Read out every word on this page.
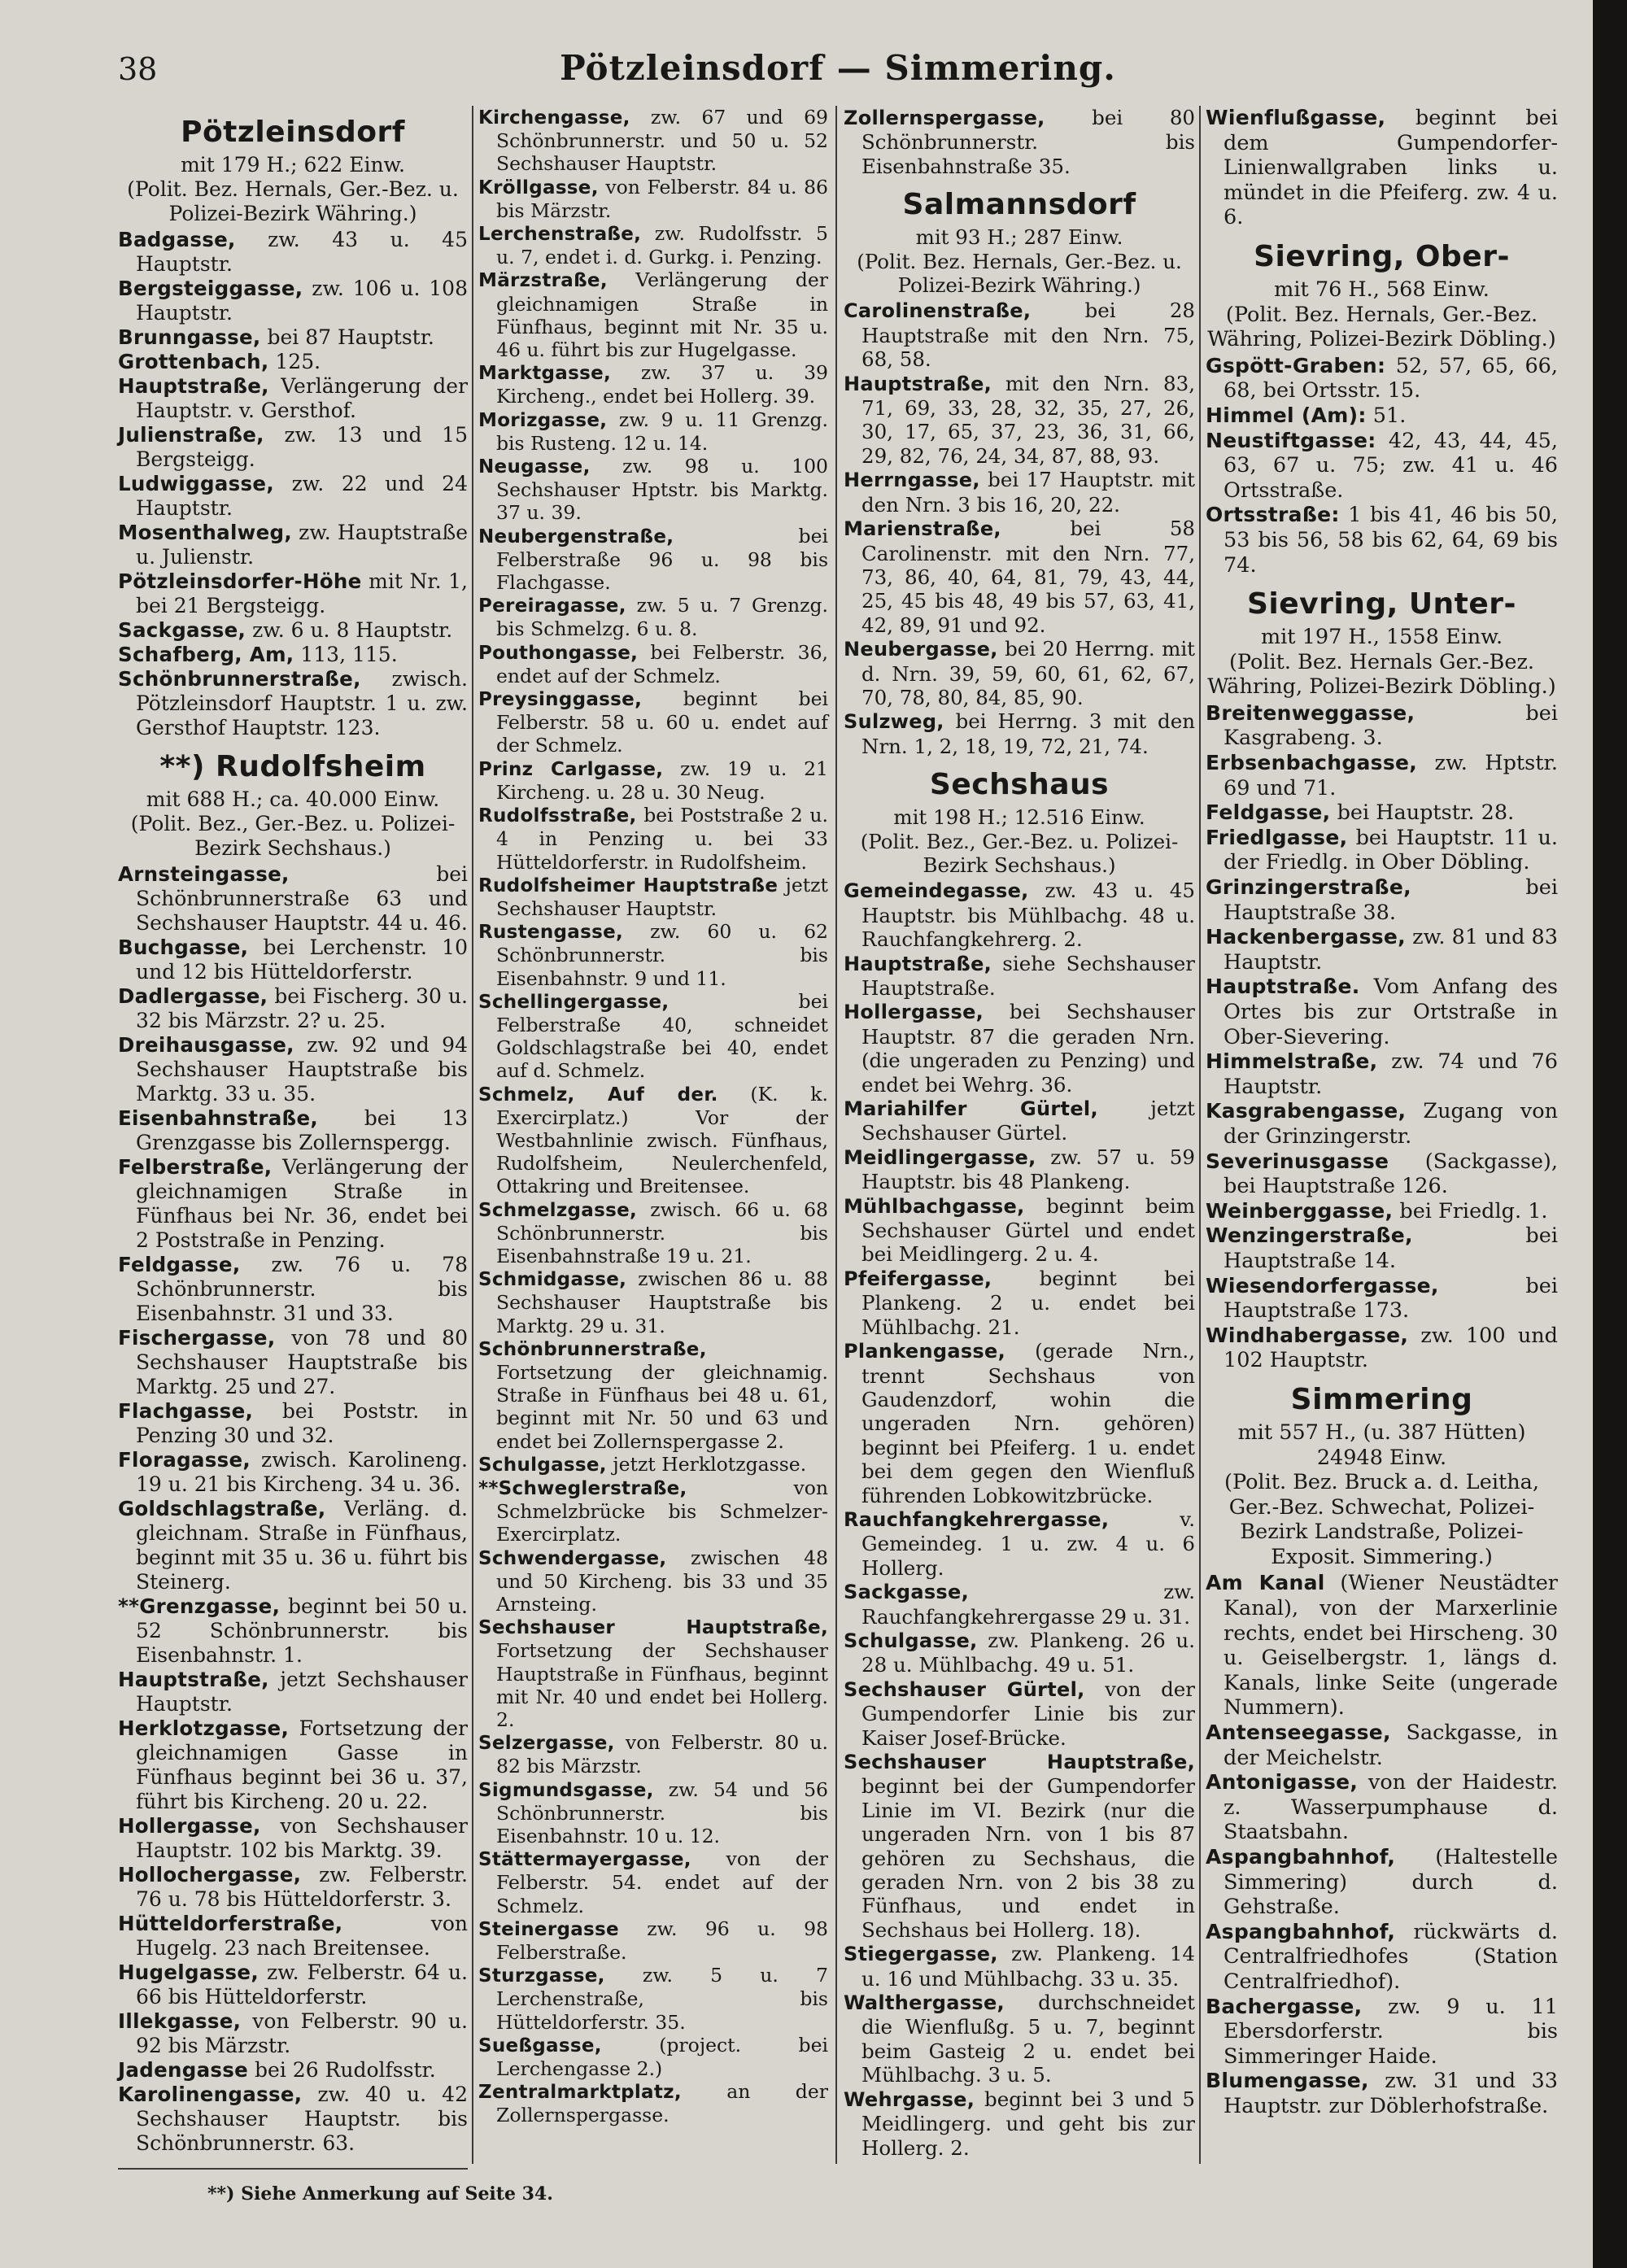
38	Pötzleinsdorf — Simmering.
Pötzleinsdorf
mit 179 H.; 622 Einw.
(Polit. Bez. Hernals, Ger.-Bez. u. Polizei-Bezirk Währing.)

Badgasse, zw. 43 u. 45 Hauptstr.

Bergsteiggasse, zw. 106 u. 108 Hauptstr.

Brunngasse, bei 87 Hauptstr.

Grottenbach, 125.

Hauptstraße, Verlängerung der Hauptstr. v. Gersthof.

Julienstraße, zw. 13 und 15 Bergsteigg.

Ludwiggasse, zw. 22 und 24 Hauptstr.

Mosenthalweg, zw. Hauptstraße u. Julienstr.

Pötzleinsdorfer-Höhe mit Nr. 1, bei 21 Bergsteigg.

Sackgasse, zw. 6 u. 8 Hauptstr.

Schafberg, Am, 113, 115.

Schönbrunnerstraße, zwisch. Pötzleinsdorf Hauptstr. 1 u. zw. Gersthof Hauptstr. 123.

**) Rudolfsheim
mit 688 H.; ca. 40.000 Einw.
(Polit. Bez., Ger.-Bez. u. Polizei-Bezirk Sechshaus.)

Arnsteingasse, bei Schönbrunnerstraße 63 und Sechshauser Hauptstr. 44 u. 46.

Buchgasse, bei Lerchenstr. 10 und 12 bis Hütteldorferstr.

Dadlergasse, bei Fischerg. 30 u. 32 bis Märzstr. 2? u. 25.

Dreihausgasse, zw. 92 und 94 Sechshauser Hauptstraße bis Marktg. 33 u. 35.

Eisenbahnstraße, bei 13 Grenzgasse bis Zollernspergg.

Felberstraße, Verlängerung der gleichnamigen Straße in Fünfhaus bei Nr. 36, endet bei 2 Poststraße in Penzing.

Feldgasse, zw. 76 u. 78 Schönbrunnerstr. bis Eisenbahnstr. 31 und 33.

Fischergasse, von 78 und 80 Sechshauser Hauptstraße bis Marktg. 25 und 27.

Flachgasse, bei Poststr. in Penzing 30 und 32.

Floragasse, zwisch. Karolineng. 19 u. 21 bis Kircheng. 34 u. 36.

Goldschlagstraße, Verläng. d. gleichnam. Straße in Fünfhaus, beginnt mit 35 u. 36 u. führt bis Steinerg.

**Grenzgasse, beginnt bei 50 u. 52 Schönbrunnerstr. bis Eisenbahnstr. 1.

Hauptstraße, jetzt Sechshauser Hauptstr.

Herklotzgasse, Fortsetzung der gleichnamigen Gasse in Fünfhaus beginnt bei 36 u. 37, führt bis Kircheng. 20 u. 22.

Hollergasse, von Sechshauser Hauptstr. 102 bis Marktg. 39.

Hollochergasse, zw. Felberstr. 76 u. 78 bis Hütteldorferstr. 3.

Hütteldorferstraße, von Hugelg. 23 nach Breitensee.

Hugelgasse, zw. Felberstr. 64 u. 66 bis Hütteldorferstr.

Illekgasse, von Felberstr. 90 u. 92 bis Märzstr.

Jadengasse bei 26 Rudolfsstr.

Karolinengasse, zw. 40 u. 42 Sechshauser Hauptstr. bis Schönbrunnerstr. 63.

Kirchengasse, zw. 67 und 69 Schönbrunnerstr. und 50 u. 52 Sechshauser Hauptstr.

Kröllgasse, von Felberstr. 84 u. 86 bis Märzstr.

Lerchenstraße, zw. Rudolfsstr. 5 u. 7, endet i. d. Gurkg. i. Penzing.

Märzstraße, Verlängerung der gleichnamigen Straße in Fünfhaus, beginnt mit Nr. 35 u. 46 u. führt bis zur Hugelgasse.

Marktgasse, zw. 37 u. 39 Kircheng., endet bei Hollerg. 39.

Morizgasse, zw. 9 u. 11 Grenzg. bis Rusteng. 12 u. 14.

Neugasse, zw. 98 u. 100 Sechshauser Hptstr. bis Marktg. 37 u. 39.

Neubergenstraße, bei Felberstraße 96 u. 98 bis Flachgasse.

Pereiragasse, zw. 5 u. 7 Grenzg. bis Schmelzg. 6 u. 8.

Pouthongasse, bei Felberstr. 36, endet auf der Schmelz.

Preysinggasse, beginnt bei Felberstr. 58 u. 60 u. endet auf der Schmelz.

Prinz Carlgasse, zw. 19 u. 21 Kircheng. u. 28 u. 30 Neug.

Rudolfsstraße, bei Poststraße 2 u. 4 in Penzing u. bei 33 Hütteldorferstr. in Rudolfsheim.

Rudolfsheimer Hauptstraße jetzt Sechshauser Hauptstr.

Rustengasse, zw. 60 u. 62 Schönbrunnerstr. bis Eisenbahnstr. 9 und 11.

Schellingergasse, bei Felberstraße 40, schneidet Goldschlagstraße bei 40, endet auf d. Schmelz.

Schmelz, Auf der. (K. k. Exercirplatz.) Vor der Westbahnlinie zwisch. Fünfhaus, Rudolfsheim, Neulerchenfeld, Ottakring und Breitensee.

Schmelzgasse, zwisch. 66 u. 68 Schönbrunnerstr. bis Eisenbahnstraße 19 u. 21.

Schmidgasse, zwischen 86 u. 88 Sechshauser Hauptstraße bis Marktg. 29 u. 31.

Schönbrunnerstraße, Fortsetzung der gleichnamig. Straße in Fünfhaus bei 48 u. 61, beginnt mit Nr. 50 und 63 und endet bei Zollernspergasse 2.

Schulgasse, jetzt Herklotzgasse.

**Schweglerstraße, von Schmelzbrücke bis Schmelzer-Exercirplatz.

Schwendergasse, zwischen 48 und 50 Kircheng. bis 33 und 35 Arnsteing.

Sechshauser Hauptstraße, Fortsetzung der Sechshauser Hauptstraße in Fünfhaus, beginnt mit Nr. 40 und endet bei Hollerg. 2.

Selzergasse, von Felberstr. 80 u. 82 bis Märzstr.

Sigmundsgasse, zw. 54 und 56 Schönbrunnerstr. bis Eisenbahnstr. 10 u. 12.

Stättermayergasse, von der Felberstr. 54. endet auf der Schmelz.

Steinergasse zw. 96 u. 98 Felberstraße.

Sturzgasse, zw. 5 u. 7 Lerchenstraße, bis Hütteldorferstr. 35.

Sueßgasse, (project. bei Lerchengasse 2.)

Zentralmarktplatz, an der Zollernspergasse.

Zollernspergasse, bei 80 Schönbrunnerstr. bis Eisenbahnstraße 35.

Salmannsdorf
mit 93 H.; 287 Einw.
(Polit. Bez. Hernals, Ger.-Bez. u. Polizei-Bezirk Währing.)

Carolinenstraße, bei 28 Hauptstraße mit den Nrn. 75, 68, 58.

Hauptstraße, mit den Nrn. 83, 71, 69, 33, 28, 32, 35, 27, 26, 30, 17, 65, 37, 23, 36, 31, 66, 29, 82, 76, 24, 34, 87, 88, 93.

Herrngasse, bei 17 Hauptstr. mit den Nrn. 3 bis 16, 20, 22.

Marienstraße, bei 58 Carolinenstr. mit den Nrn. 77, 73, 86, 40, 64, 81, 79, 43, 44, 25, 45 bis 48, 49 bis 57, 63, 41, 42, 89, 91 und 92.

Neubergasse, bei 20 Herrng. mit d. Nrn. 39, 59, 60, 61, 62, 67, 70, 78, 80, 84, 85, 90.

Sulzweg, bei Herrng. 3 mit den Nrn. 1, 2, 18, 19, 72, 21, 74.

Sechshaus
mit 198 H.; 12.516 Einw.
(Polit. Bez., Ger.-Bez. u. Polizei-Bezirk Sechshaus.)

Gemeindegasse, zw. 43 u. 45 Hauptstr. bis Mühlbachg. 48 u. Rauchfangkehrerg. 2.

Hauptstraße, siehe Sechshauser Hauptstraße.

Hollergasse, bei Sechshauser Hauptstr. 87 die geraden Nrn. (die ungeraden zu Penzing) und endet bei Wehrg. 36.

Mariahilfer Gürtel, jetzt Sechshauser Gürtel.

Meidlingergasse, zw. 57 u. 59 Hauptstr. bis 48 Plankeng.

Mühlbachgasse, beginnt beim Sechshauser Gürtel und endet bei Meidlingerg. 2 u. 4.

Pfeifergasse, beginnt bei Plankeng. 2 u. endet bei Mühlbachg. 21.

Plankengasse, (gerade Nrn., trennt Sechshaus von Gaudenzdorf, wohin die ungeraden Nrn. gehören) beginnt bei Pfeiferg. 1 u. endet bei dem gegen den Wienfluß führenden Lobkowitzbrücke.

Rauchfangkehrergasse, v. Gemeindeg. 1 u. zw. 4 u. 6 Hollerg.

Sackgasse, zw. Rauchfangkehrergasse 29 u. 31.

Schulgasse, zw. Plankeng. 26 u. 28 u. Mühlbachg. 49 u. 51.

Sechshauser Gürtel, von der Gumpendorfer Linie bis zur Kaiser Josef-Brücke.

Sechshauser Hauptstraße, beginnt bei der Gumpendorfer Linie im VI. Bezirk (nur die ungeraden Nrn. von 1 bis 87 gehören zu Sechshaus, die geraden Nrn. von 2 bis 38 zu Fünfhaus, und endet in Sechshaus bei Hollerg. 18).

Stiegergasse, zw. Plankeng. 14 u. 16 und Mühlbachg. 33 u. 35.

Walthergasse, durchschneidet die Wienflußg. 5 u. 7, beginnt beim Gasteig 2 u. endet bei Mühlbachg. 3 u. 5.

Wehrgasse, beginnt bei 3 und 5 Meidlingerg. und geht bis zur Hollerg. 2.

Wienflußgasse, beginnt bei dem Gumpendorfer-Linienwallgraben links u. mündet in die Pfeiferg. zw. 4 u. 6.

Sievring, Ober-
mit 76 H., 568 Einw.
(Polit. Bez. Hernals, Ger.-Bez. Währing, Polizei-Bezirk Döbling.)

Gspött-Graben: 52, 57, 65, 66, 68, bei Ortsstr. 15.

Himmel (Am): 51.

Neustiftgasse: 42, 43, 44, 45, 63, 67 u. 75; zw. 41 u. 46 Ortsstraße.

Ortsstraße: 1 bis 41, 46 bis 50, 53 bis 56, 58 bis 62, 64, 69 bis 74.

Sievring, Unter-
mit 197 H., 1558 Einw.
(Polit. Bez. Hernals Ger.-Bez. Währing, Polizei-Bezirk Döbling.)

Breitenweggasse, bei Kasgrabeng. 3.

Erbsenbachgasse, zw. Hptstr. 69 und 71.

Feldgasse, bei Hauptstr. 28.

Friedlgasse, bei Hauptstr. 11 u. der Friedlg. in Ober Döbling.

Grinzingerstraße, bei Hauptstraße 38.

Hackenbergasse, zw. 81 und 83 Hauptstr.

Hauptstraße. Vom Anfang des Ortes bis zur Ortstraße in Ober-Sievering.

Himmelstraße, zw. 74 und 76 Hauptstr.

Kasgrabengasse, Zugang von der Grinzingerstr.

Severinusgasse (Sackgasse), bei Hauptstraße 126.

Weinberggasse, bei Friedlg. 1.

Wenzingerstraße, bei Hauptstraße 14.

Wiesendorfergasse, bei Hauptstraße 173.

Windhabergasse, zw. 100 und 102 Hauptstr.

Simmering
mit 557 H., (u. 387 Hütten) 24948 Einw.
(Polit. Bez. Bruck a. d. Leitha, Ger.-Bez. Schwechat, Polizei-Bezirk Landstraße, Polizei-Exposit. Simmering.)

Am Kanal (Wiener Neustädter Kanal), von der Marxerlinie rechts, endet bei Hirscheng. 30 u. Geiselbergstr. 1, längs d. Kanals, linke Seite (ungerade Nummern).

Antenseegasse, Sackgasse, in der Meichelstr.

Antonigasse, von der Haidestr. z. Wasserpumphause d. Staatsbahn.

Aspangbahnhof, (Haltestelle Simmering) durch d. Gehstraße.

Aspangbahnhof, rückwärts d. Centralfriedhofes (Station Centralfriedhof).

Bachergasse, zw. 9 u. 11 Ebersdorferstr. bis Simmeringer Haide.

Blumengasse, zw. 31 und 33 Hauptstr. zur Döblerhofstraße.

**) Siehe Anmerkung auf Seite 34.
